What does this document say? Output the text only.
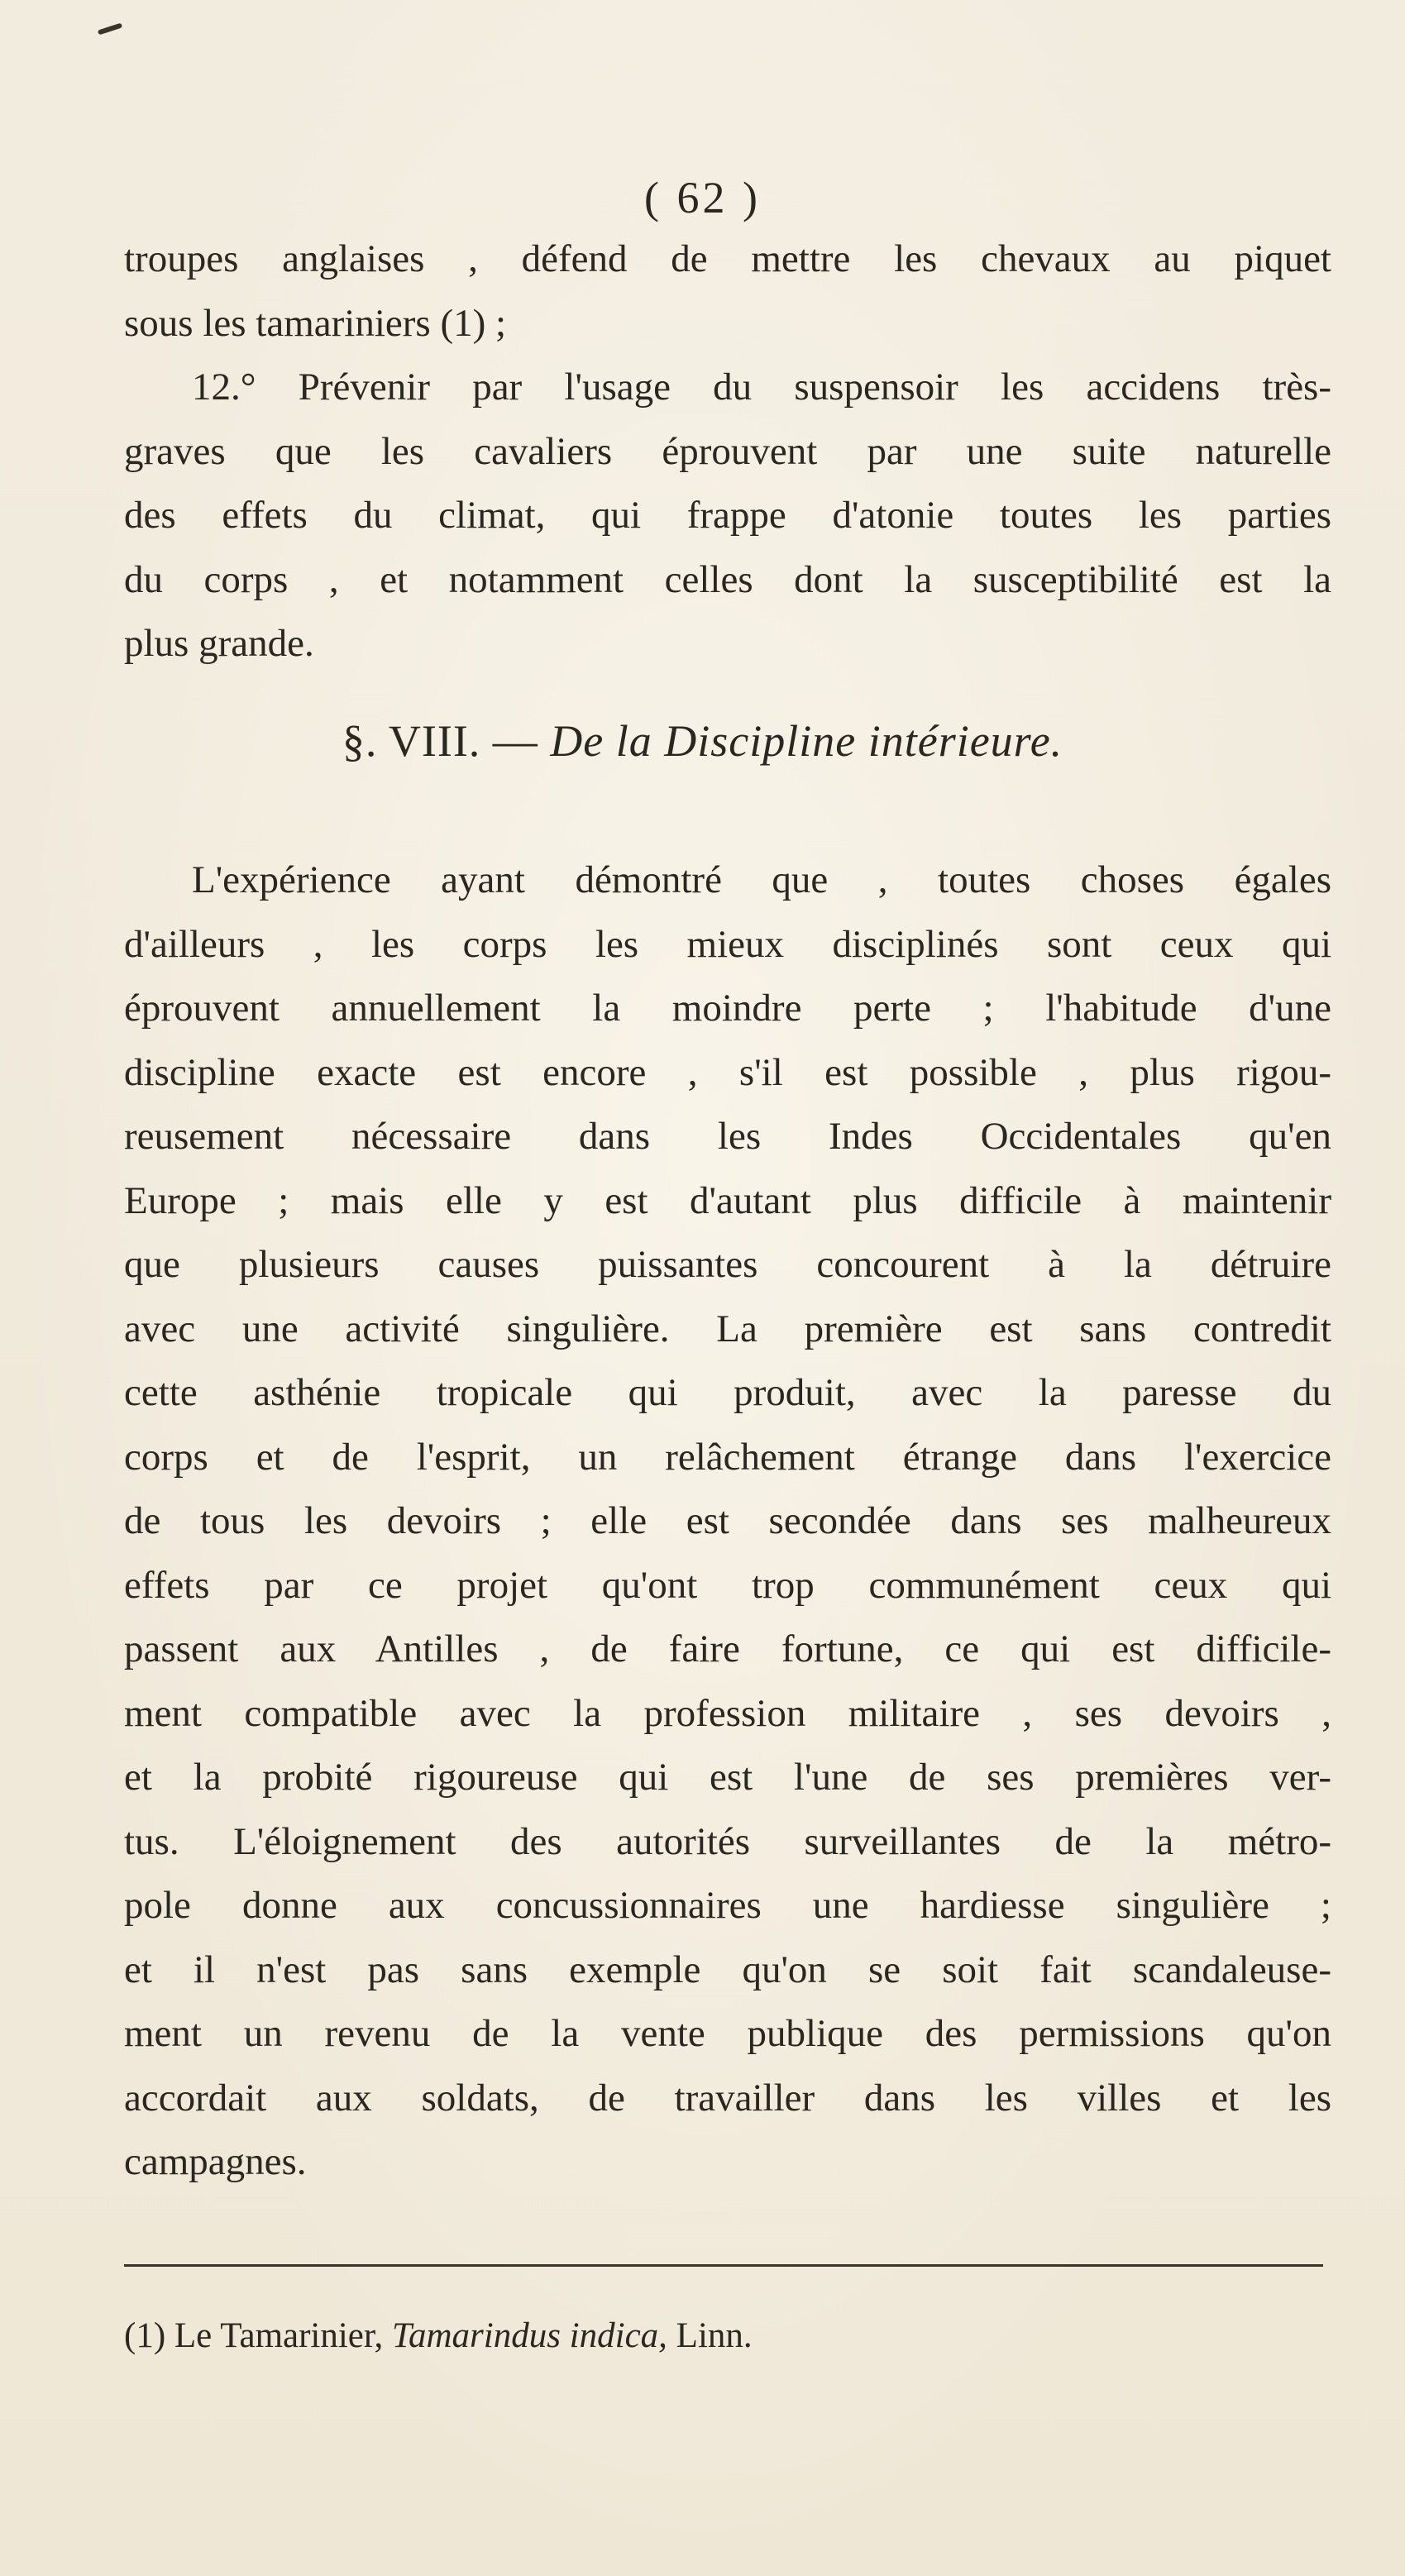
( 62 )
troupes anglaises , défend de mettre les chevaux au piquet
sous les tamariniers (1) ;
12.° Prévenir par l'usage du suspensoir les accidens très-
graves que les cavaliers éprouvent par une suite naturelle
des effets du climat, qui frappe d'atonie toutes les parties
du corps , et notamment celles dont la susceptibilité est la
plus grande.
§. VIII. — De la Discipline intérieure.
L'expérience ayant démontré que , toutes choses égales
d'ailleurs , les corps les mieux disciplinés sont ceux qui
éprouvent annuellement la moindre perte ; l'habitude d'une
discipline exacte est encore , s'il est possible , plus rigou-
reusement nécessaire dans les Indes Occidentales qu'en
Europe ; mais elle y est d'autant plus difficile à maintenir
que plusieurs causes puissantes concourent à la détruire
avec une activité singulière. La première est sans contredit
cette asthénie tropicale qui produit, avec la paresse du
corps et de l'esprit, un relâchement étrange dans l'exercice
de tous les devoirs ; elle est secondée dans ses malheureux
effets par ce projet qu'ont trop communément ceux qui
passent aux Antilles , de faire fortune, ce qui est difficile-
ment compatible avec la profession militaire , ses devoirs ,
et la probité rigoureuse qui est l'une de ses premières ver-
tus. L'éloignement des autorités surveillantes de la métro-
pole donne aux concussionnaires une hardiesse singulière ;
et il n'est pas sans exemple qu'on se soit fait scandaleuse-
ment un revenu de la vente publique des permissions qu'on
accordait aux soldats, de travailler dans les villes et les
campagnes.
(1) Le Tamarinier, Tamarindus indica, Linn.
